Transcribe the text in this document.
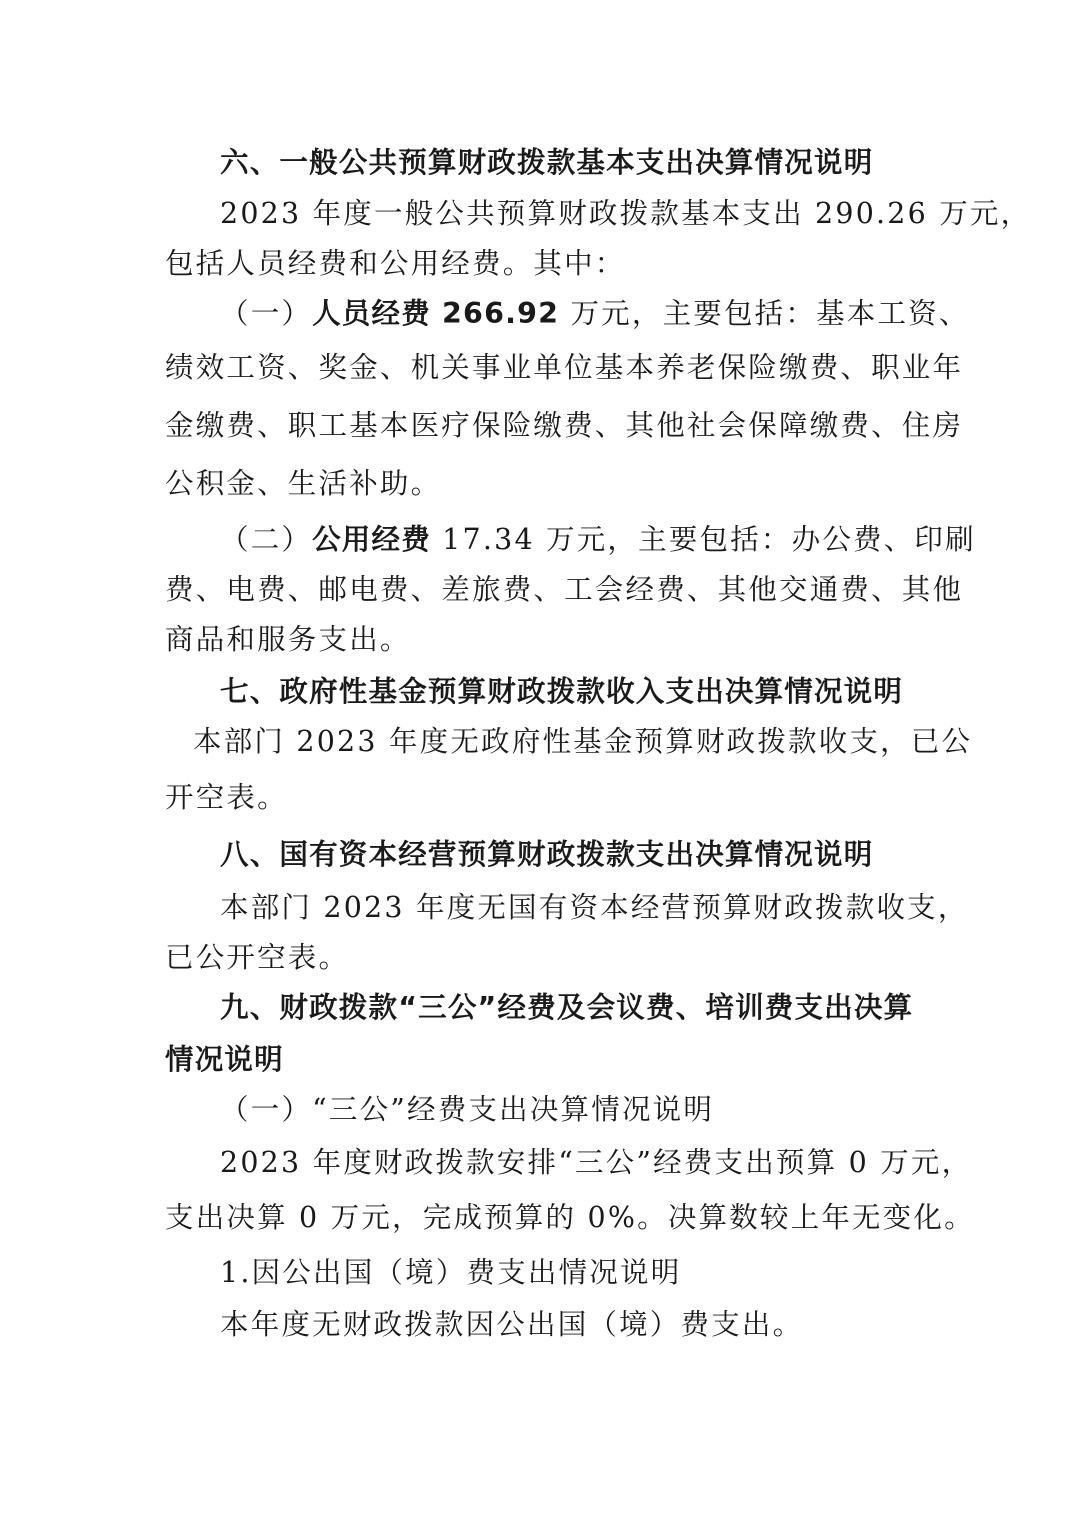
六、一般公共预算财政拨款基本支出决算情况说明

2023 年度一般公共预算财政拨款基本支出 290.26 万元，

包括人员经费和公用经费。其中：

（一）人员经费 266.92 万元，主要包括：基本工资、

绩效工资、奖金、机关事业单位基本养老保险缴费、职业年

金缴费、职工基本医疗保险缴费、其他社会保障缴费、住房

公积金、生活补助。

（二）公用经费 17.34 万元，主要包括：办公费、印刷

费、电费、邮电费、差旅费、工会经费、其他交通费、其他

商品和服务支出。

七、政府性基金预算财政拨款收入支出决算情况说明

本部门 2023 年度无政府性基金预算财政拨款收支，已公

开空表。

八、国有资本经营预算财政拨款支出决算情况说明

本部门 2023 年度无国有资本经营预算财政拨款收支，

已公开空表。

九、财政拨款“三公”经费及会议费、培训费支出决算

情况说明

（一）“三公”经费支出决算情况说明

2023 年度财政拨款安排“三公”经费支出预算 0 万元，

支出决算 0 万元，完成预算的 0%。决算数较上年无变化。

1.因公出国（境）费支出情况说明

本年度无财政拨款因公出国（境）费支出。
